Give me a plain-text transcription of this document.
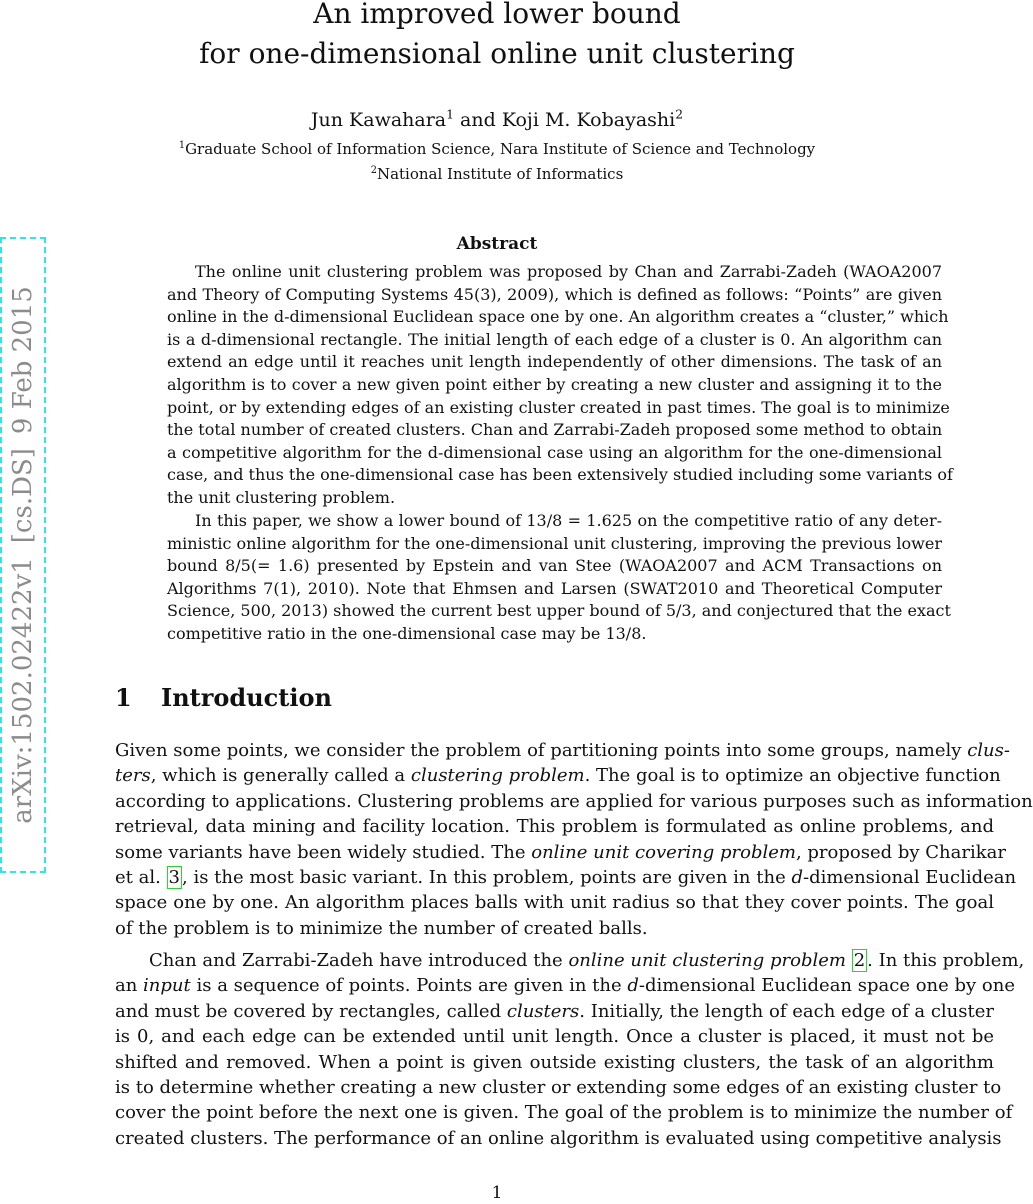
An improved lower bound
for one-dimensional online unit clustering
Jun Kawahara$^1$ and Koji M. Kobayashi$^2$
$^1$Graduate School of Information Science, Nara Institute of Science and Technology
$^2$National Institute of Informatics
arXiv:1502.02422v1[cs.DS]9 Feb 2015
Abstract
The online unit clustering problem was proposed by Chan and Zarrabi-Zadeh (WAOA2007
and Theory of Computing Systems 45(3), 2009), which is defined as follows: “Points” are given
online in the d-dimensional Euclidean space one by one. An algorithm creates a “cluster,” which
is a d-dimensional rectangle. The initial length of each edge of a cluster is 0. An algorithm can
extend an edge until it reaches unit length independently of other dimensions. The task of an
algorithm is to cover a new given point either by creating a new cluster and assigning it to the
point, or by extending edges of an existing cluster created in past times. The goal is to minimize
the total number of created clusters. Chan and Zarrabi-Zadeh proposed some method to obtain
a competitive algorithm for the d-dimensional case using an algorithm for the one-dimensional
case, and thus the one-dimensional case has been extensively studied including some variants of
the unit clustering problem.
In this paper, we show a lower bound of 13/8 = 1.625 on the competitive ratio of any deter-
ministic online algorithm for the one-dimensional unit clustering, improving the previous lower
bound 8/5(= 1.6) presented by Epstein and van Stee (WAOA2007 and ACM Transactions on
Algorithms 7(1), 2010). Note that Ehmsen and Larsen (SWAT2010 and Theoretical Computer
Science, 500, 2013) showed the current best upper bound of 5/3, and conjectured that the exact
competitive ratio in the one-dimensional case may be 13/8.
1 Introduction
Given some points, we consider the problem of partitioning points into some groups, namely clus-
ters, which is generally called a clustering problem. The goal is to optimize an objective function
according to applications. Clustering problems are applied for various purposes such as information
retrieval, data mining and facility location. This problem is formulated as online problems, and
some variants have been widely studied. The online unit covering problem, proposed by Charikar
et al. 3 , is the most basic variant. In this problem, points are given in the d-dimensional Euclidean
space one by one. An algorithm places balls with unit radius so that they cover points. The goal
of the problem is to minimize the number of created balls.
Chan and Zarrabi-Zadeh have introduced the online unit clustering problem 2 . In this problem,
an input is a sequence of points. Points are given in the d-dimensional Euclidean space one by one
and must be covered by rectangles, called clusters. Initially, the length of each edge of a cluster
is 0, and each edge can be extended until unit length. Once a cluster is placed, it must not be
shifted and removed. When a point is given outside existing clusters, the task of an algorithm
is to determine whether creating a new cluster or extending some edges of an existing cluster to
cover the point before the next one is given. The goal of the problem is to minimize the number of
created clusters. The performance of an online algorithm is evaluated using competitive analysis
1
